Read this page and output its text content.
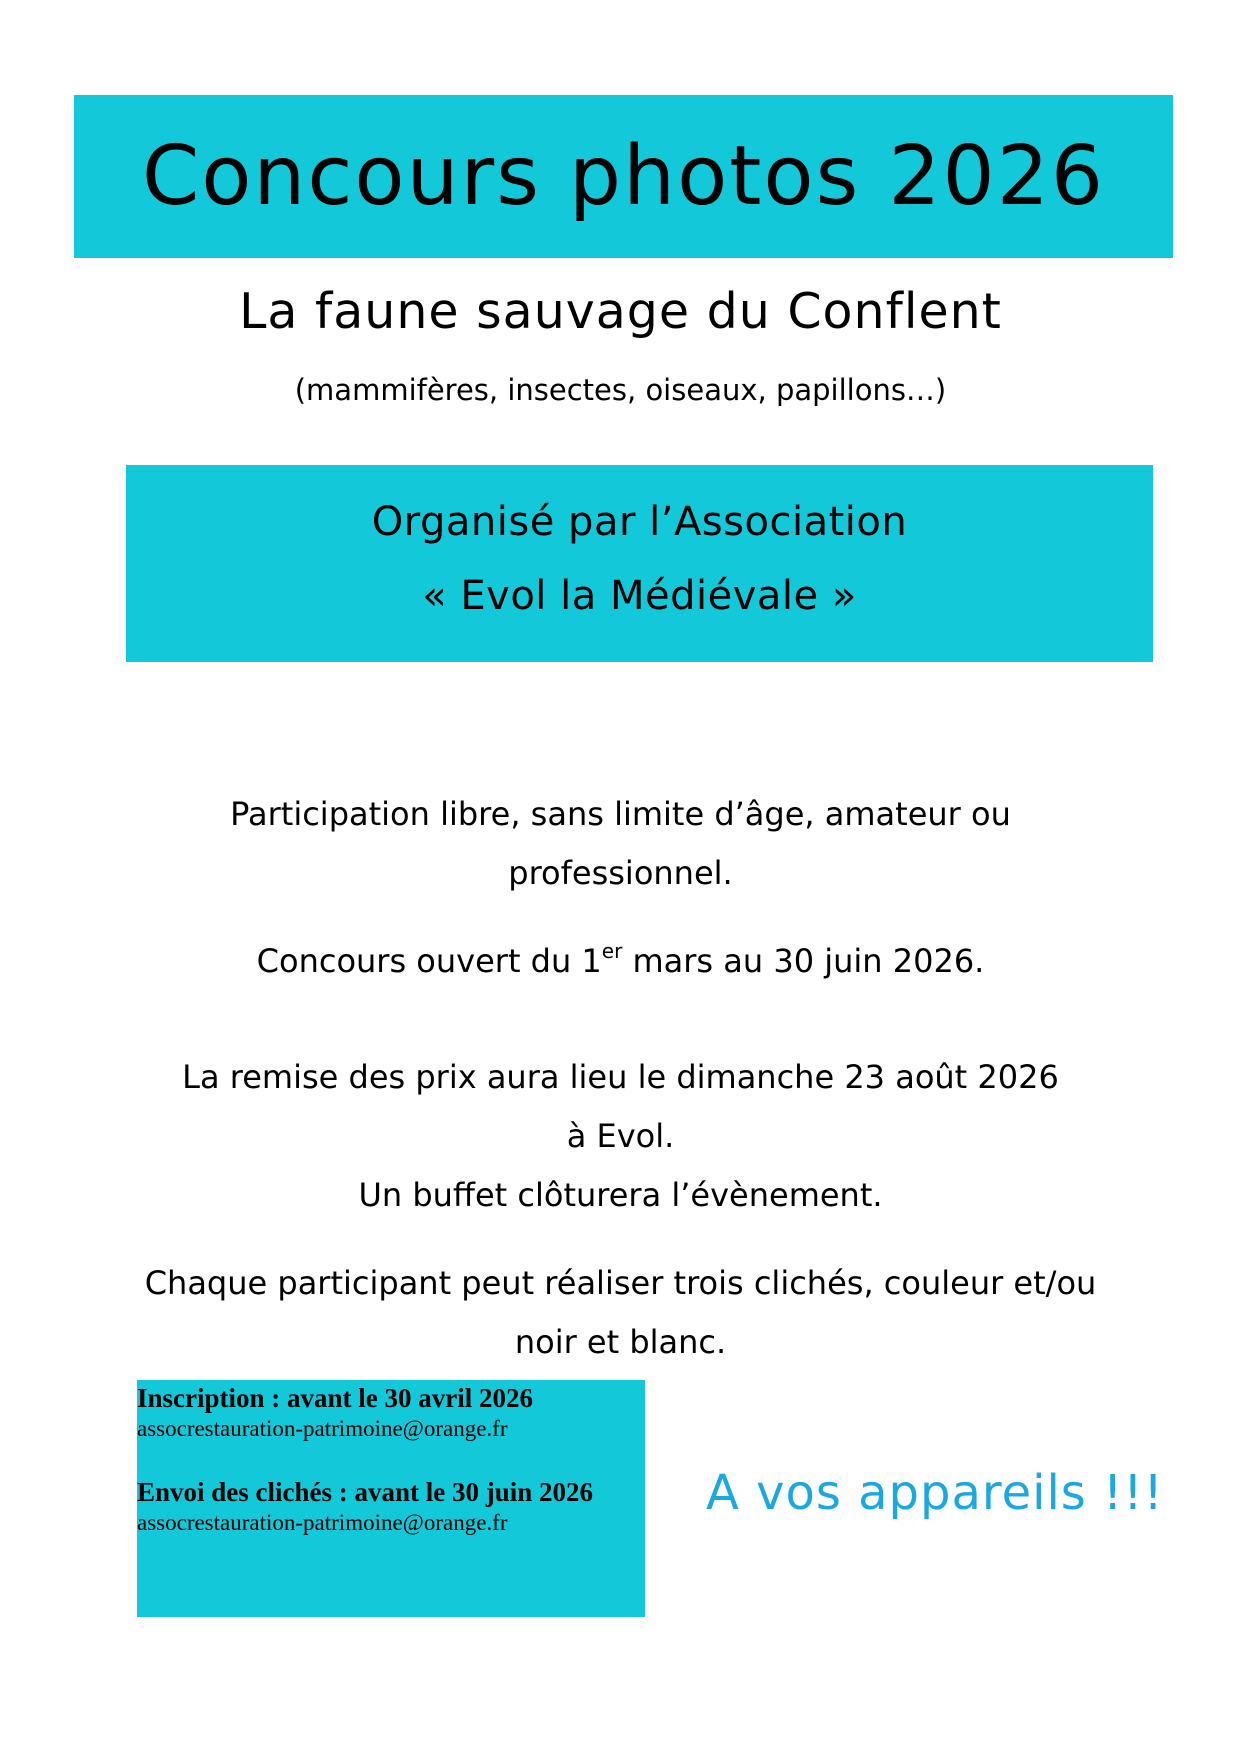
Concours photos 2026
La faune sauvage du Conflent

(mammifères, insectes, oiseaux, papillons…)

Organisé par l’Association
« Evol la Médiévale »

Participation libre, sans limite d’âge, amateur ou
professionnel.

Concours ouvert du 1er mars au 30 juin 2026.

La remise des prix aura lieu le dimanche 23 août 2026
à Evol.
Un buffet clôturera l’évènement.

Chaque participant peut réaliser trois clichés, couleur et/ou
noir et blanc.

Inscription : avant le 30 avril 2026
assocrestauration-patrimoine@orange.fr
Envoi des clichés : avant le 30 juin 2026
assocrestauration-patrimoine@orange.fr

A vos appareils !!!
